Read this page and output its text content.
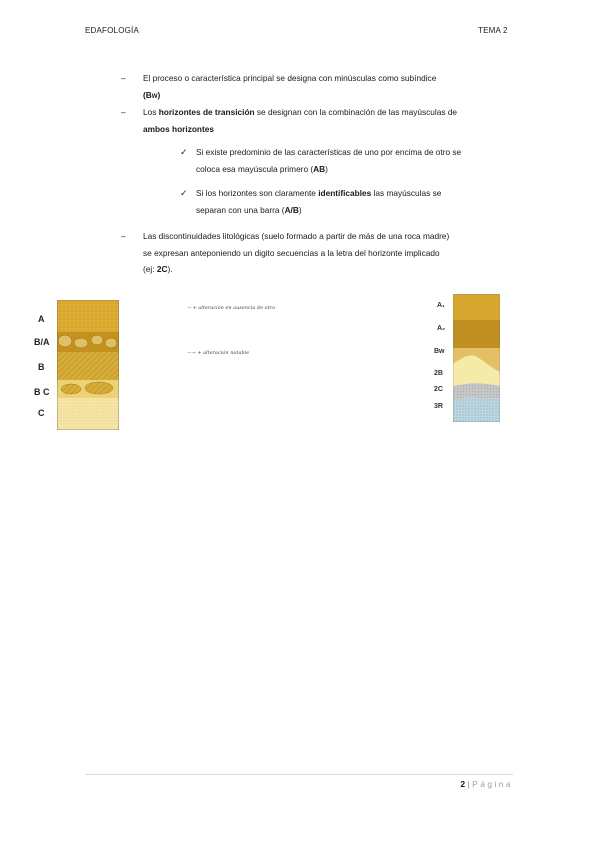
EDAFOLOGÍA	TEMA 2
– El proceso o característica principal se designa con minúsculas como subíndice
(BW)
– Los horizontes de transición se designan con la combinación de las mayúsculas de
ambos horizontes
✓ Si existe predominio de las características de uno por encima de otro se
coloca esa mayúscula primero (AB)
✓ Si los horizontes son claramente identificables las mayúsculas se
separan con una barra (A/B)
– Las discontinuidades litológicas (suelo formado a partir de más de una roca madre)
se expresan anteponiendo un digito secuencias a la letra del horizonte implicado
(ej: 2C).
A
B/A
B
B C
C
→ + alteración en ausencia de otro
—→ + alteración notable
A₁
A₂
Bw
2B
2C
3R
2 | Página
